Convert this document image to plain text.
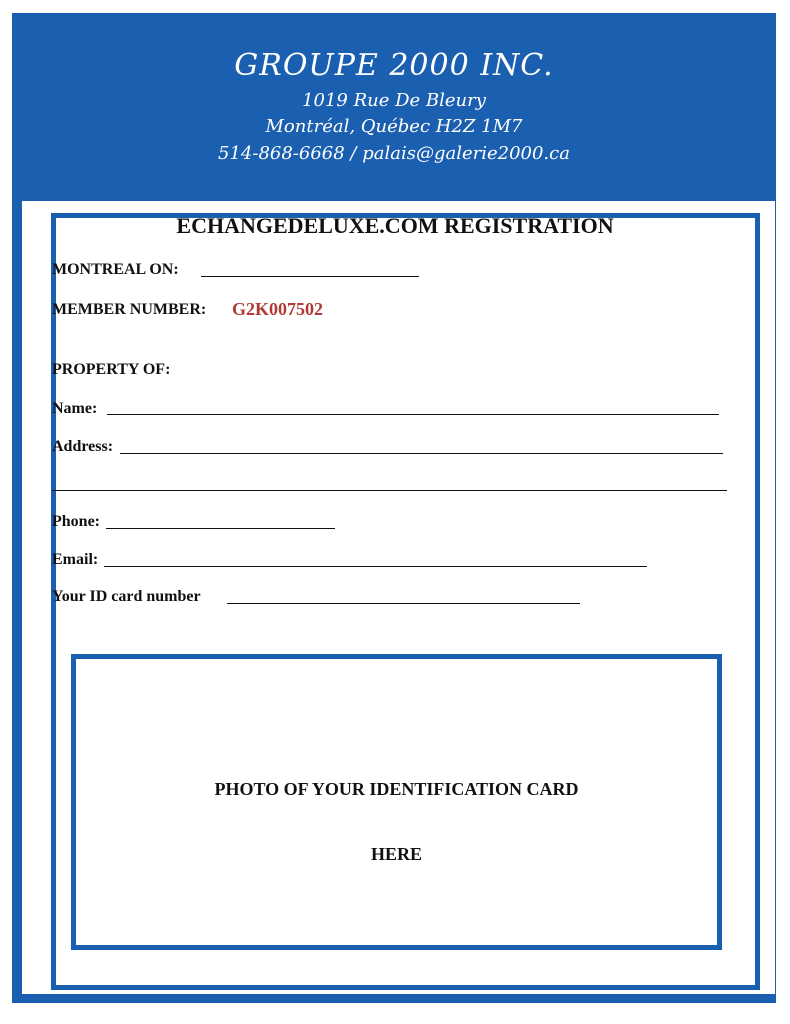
GROUPE 2000 INC.
1019 Rue De Bleury
Montréal, Québec H2Z 1M7
514-868-6668 / palais@galerie2000.ca
ECHANGEDELUXE.COM REGISTRATION
MONTREAL ON:
MEMBER NUMBER: G2K007502
PROPERTY OF:
Name:
Address:
Phone:
Email:
Your ID card number
PHOTO OF YOUR IDENTIFICATION CARD
HERE
